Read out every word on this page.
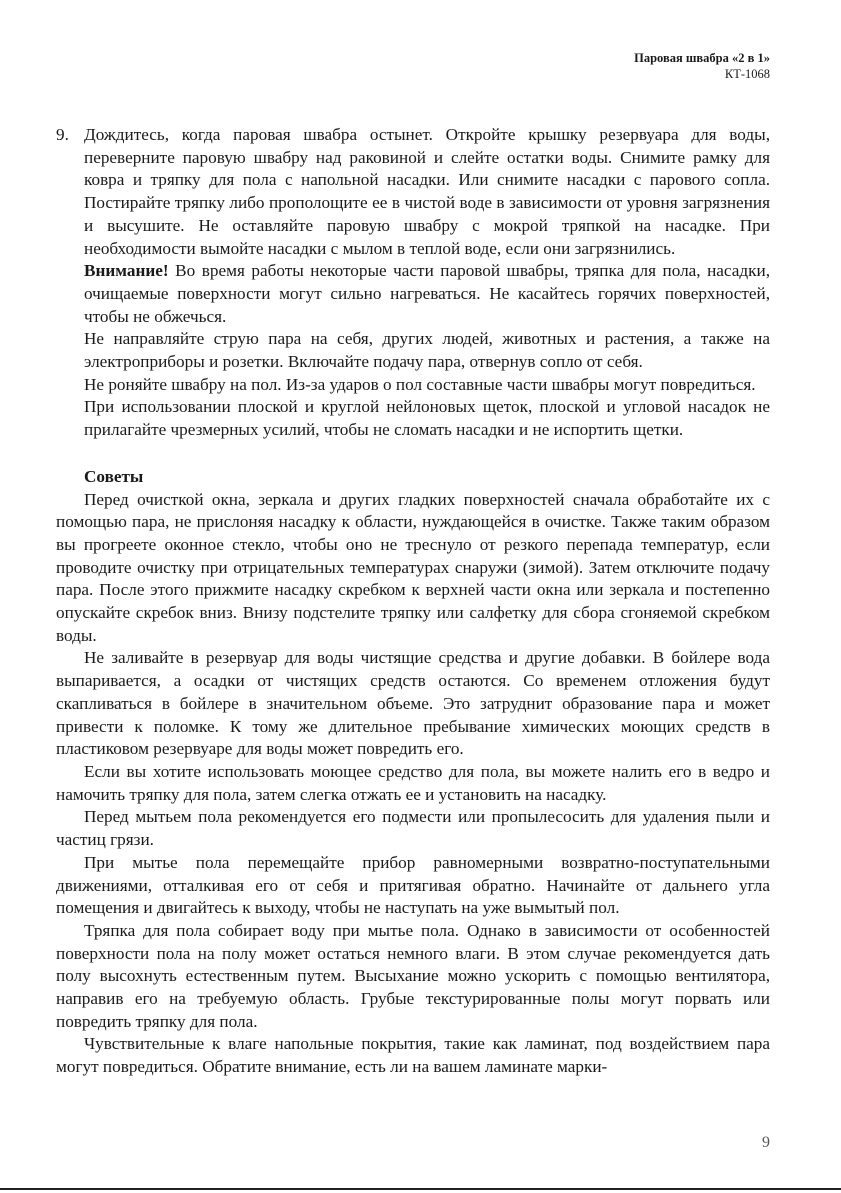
Паровая швабра «2 в 1»
КТ-1068
9. Дождитесь, когда паровая швабра остынет. Откройте крышку резервуара для воды, переверните паровую швабру над раковиной и слейте остатки воды. Снимите рамку для ковра и тряпку для пола с напольной насадки. Или снимите насадки с парового сопла. Постирайте тряпку либо прополощите ее в чистой воде в зависимости от уровня загрязнения и высушите. Не оставляйте паровую швабру с мокрой тряпкой на насадке. При необходимости вымойте насадки с мылом в теплой воде, если они загрязнились.

Внимание! Во время работы некоторые части паровой швабры, тряпка для пола, насадки, очищаемые поверхности могут сильно нагреваться. Не касайтесь горячих поверхностей, чтобы не обжечься.

Не направляйте струю пара на себя, других людей, животных и растения, а также на электроприборы и розетки. Включайте подачу пара, отвернув сопло от себя.

Не роняйте швабру на пол. Из-за ударов о пол составные части швабры могут повредиться.

При использовании плоской и круглой нейлоновых щеток, плоской и угловой насадок не прилагайте чрезмерных усилий, чтобы не сломать насадки и не испортить щетки.

Советы

Перед очисткой окна, зеркала и других гладких поверхностей сначала обработайте их с помощью пара, не прислоняя насадку к области, нуждающейся в очистке. Также таким образом вы прогреете оконное стекло, чтобы оно не треснуло от резкого перепада температур, если проводите очистку при отрицательных температурах снаружи (зимой). Затем отключите подачу пара. После этого прижмите насадку скребком к верхней части окна или зеркала и постепенно опускайте скребок вниз. Внизу подстелите тряпку или салфетку для сбора сгоняемой скребком воды.

Не заливайте в резервуар для воды чистящие средства и другие добавки. В бойлере вода выпаривается, а осадки от чистящих средств остаются. Со временем отложения будут скапливаться в бойлере в значительном объеме. Это затруднит образование пара и может привести к поломке. К тому же длительное пребывание химических моющих средств в пластиковом резервуаре для воды может повредить его.

Если вы хотите использовать моющее средство для пола, вы можете налить его в ведро и намочить тряпку для пола, затем слегка отжать ее и установить на насадку.

Перед мытьем пола рекомендуется его подмести или пропылесосить для удаления пыли и частиц грязи.

При мытье пола перемещайте прибор равномерными возвратно-поступательными движениями, отталкивая его от себя и притягивая обратно. Начинайте от дальнего угла помещения и двигайтесь к выходу, чтобы не наступать на уже вымытый пол.

Тряпка для пола собирает воду при мытье пола. Однако в зависимости от особенностей поверхности пола на полу может остаться немного влаги. В этом случае рекомендуется дать полу высохнуть естественным путем. Высыхание можно ускорить с помощью вентилятора, направив его на требуемую область. Грубые текстурированные полы могут порвать или повредить тряпку для пола.

Чувствительные к влаге напольные покрытия, такие как ламинат, под воздействием пара могут повредиться. Обратите внимание, есть ли на вашем ламинате марки-

9
